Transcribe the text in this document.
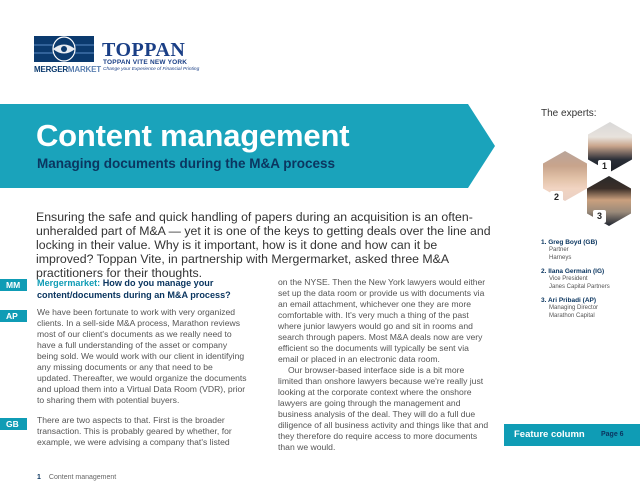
MERGERMARKET
TOPPAN
TOPPAN VITE NEW YORK
Change your Experience of Financial Printing
Content management
Managing documents during the M&A process
The experts:
1
2
3
1. Greg Boyd (GB)
Partner
Harneys
2. Ilana Germain (IG)
Vice President
Janes Capital Partners
3. Ari Pribadi (AP)
Managing Director
Marathon Capital

Ensuring the safe and quick handling of papers during an acquisition is an often-unheralded part of M&A — yet it is one of the keys to getting deals over the line and locking in their value. Why is it important, how is it done and how can it be improved? Toppan Vite, in partnership with Mergermarket, asked three M&A practitioners for their thoughts.

MM
AP
GB
Mergermarket: How do you manage your content/documents during an M&A process?

We have been fortunate to work with very organized clients. In a sell-side M&A process, Marathon reviews most of our client's documents as we really need to have a full understanding of the asset or company being sold. We would work with our client in identifying any missing documents or any that need to be updated. Thereafter, we would organize the documents and upload them into a Virtual Data Room (VDR), prior to sharing them with potential buyers.

There are two aspects to that. First is the broader transaction. This is probably geared by whether, for example, we were advising a company that's listed

on the NYSE. Then the New York lawyers would either set up the data room or provide us with documents via an email attachment, whichever one they are more comfortable with. It's very much a thing of the past where junior lawyers would go and sit in rooms and search through papers. Most M&A deals now are very efficient so the documents will typically be sent via email or placed in an electronic data room.

Our browser-based interface side is a bit more limited than onshore lawyers because we're really just looking at the corporate context where the onshore lawyers are going through the management and business analysis of the deal. They will do a full due diligence of all business activity and things like that and they therefore do require access to more documents than we would.

Feature column Page 6
1 Content management
